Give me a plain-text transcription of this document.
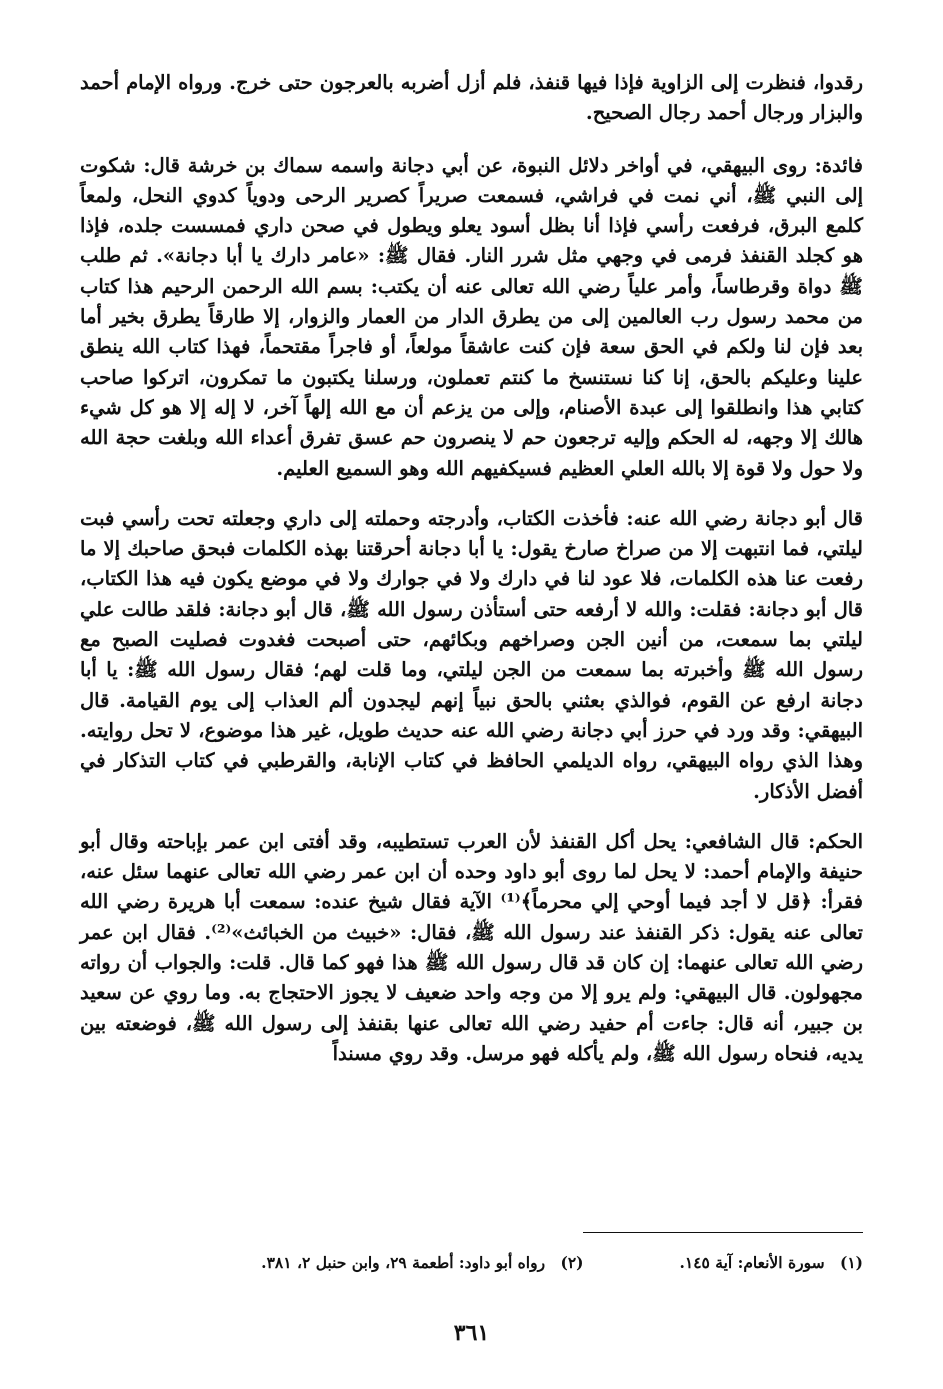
رقدوا، فنظرت إلى الزاوية فإذا فيها قنفذ، فلم أزل أضربه بالعرجون حتى خرج. ورواه الإمام أحمد والبزار ورجال أحمد رجال الصحيح.

فائدة: روى البيهقي، في أواخر دلائل النبوة، عن أبي دجانة واسمه سماك بن خرشة قال: شكوت إلى النبي ﷺ، أني نمت في فراشي، فسمعت صريراً كصرير الرحى ودوياً كدوي النحل، ولمعاً كلمع البرق، فرفعت رأسي فإذا أنا بظل أسود يعلو ويطول في صحن داري فمسست جلده، فإذا هو كجلد القنفذ فرمى في وجهي مثل شرر النار. فقال ﷺ: «عامر دارك يا أبا دجانة». ثم طلب ﷺ دواة وقرطاساً، وأمر علياً رضي الله تعالى عنه أن يكتب: بسم الله الرحمن الرحيم هذا كتاب من محمد رسول رب العالمين إلى من يطرق الدار من العمار والزوار، إلا طارقاً يطرق بخير أما بعد فإن لنا ولكم في الحق سعة فإن كنت عاشقاً مولعاً، أو فاجراً مقتحماً، فهذا كتاب الله ينطق علينا وعليكم بالحق، إنا كنا نستنسخ ما كنتم تعملون، ورسلنا يكتبون ما تمكرون، اتركوا صاحب كتابي هذا وانطلقوا إلى عبدة الأصنام، وإلى من يزعم أن مع الله إلهاً آخر، لا إله إلا هو كل شيء هالك إلا وجهه، له الحكم وإليه ترجعون حم لا ينصرون حم عسق تفرق أعداء الله وبلغت حجة الله ولا حول ولا قوة إلا بالله العلي العظيم فسيكفيهم الله وهو السميع العليم.

قال أبو دجانة رضي الله عنه: فأخذت الكتاب، وأدرجته وحملته إلى داري وجعلته تحت رأسي فبت ليلتي، فما انتبهت إلا من صراخ صارخ يقول: يا أبا دجانة أحرقتنا بهذه الكلمات فبحق صاحبك إلا ما رفعت عنا هذه الكلمات، فلا عود لنا في دارك ولا في جوارك ولا في موضع يكون فيه هذا الكتاب، قال أبو دجانة: فقلت: والله لا أرفعه حتى أستأذن رسول الله ﷺ، قال أبو دجانة: فلقد طالت علي ليلتي بما سمعت، من أنين الجن وصراخهم وبكائهم، حتى أصبحت فغدوت فصليت الصبح مع رسول الله ﷺ وأخبرته بما سمعت من الجن ليلتي، وما قلت لهم؛ فقال رسول الله ﷺ: يا أبا دجانة ارفع عن القوم، فوالذي بعثني بالحق نبياً إنهم ليجدون ألم العذاب إلى يوم القيامة. قال البيهقي: وقد ورد في حرز أبي دجانة رضي الله عنه حديث طويل، غير هذا موضوع، لا تحل روايته. وهذا الذي رواه البيهقي، رواه الديلمي الحافظ في كتاب الإنابة، والقرطبي في كتاب التذكار في أفضل الأذكار.

الحكم: قال الشافعي: يحل أكل القنفذ لأن العرب تستطيبه، وقد أفتى ابن عمر بإباحته وقال أبو حنيفة والإمام أحمد: لا يحل لما روى أبو داود وحده أن ابن عمر رضي الله تعالى عنهما سئل عنه، فقرأ: ﴿قل لا أجد فيما أوحي إلي محرماً﴾⁽¹⁾ الآية فقال شيخ عنده: سمعت أبا هريرة رضي الله تعالى عنه يقول: ذكر القنفذ عند رسول الله ﷺ، فقال: «خبيث من الخبائث»⁽²⁾. فقال ابن عمر رضي الله تعالى عنهما: إن كان قد قال رسول الله ﷺ هذا فهو كما قال. قلت: والجواب أن رواته مجهولون. قال البيهقي: ولم يرو إلا من وجه واحد ضعيف لا يجوز الاحتجاج به. وما روي عن سعيد بن جبير، أنه قال: جاءت أم حفيد رضي الله تعالى عنها بقنفذ إلى رسول الله ﷺ، فوضعته بين يديه، فنحاه رسول الله ﷺ، ولم يأكله فهو مرسل. وقد روي مسنداً

(١) سورة الأنعام: آية ١٤٥.
(٢) رواه أبو داود: أطعمة ٢٩، وابن حنبل ٢، ٣٨١.
٣٦١
